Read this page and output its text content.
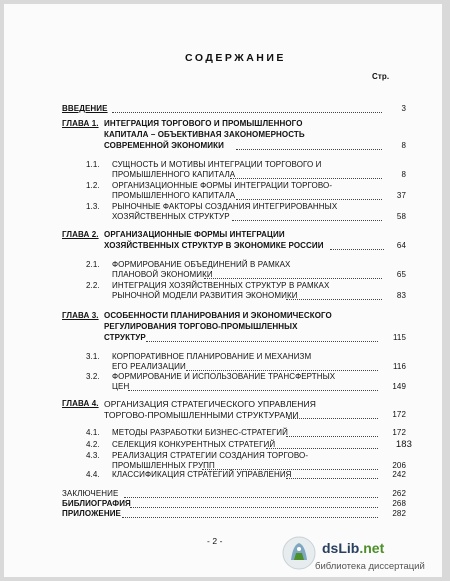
СОДЕРЖАНИЕ
Стр.
ВВЕДЕНИЕ	3
ГЛАВА 1. ИНТЕГРАЦИЯ ТОРГОВОГО И ПРОМЫШЛЕННОГО
КАПИТАЛА – ОБЪЕКТИВНАЯ ЗАКОНОМЕРНОСТЬ
СОВРЕМЕННОЙ ЭКОНОМИКИ	8
1.1. СУЩНОСТЬ И МОТИВЫ ИНТЕГРАЦИИ ТОРГОВОГО И
ПРОМЫШЛЕННОГО КАПИТАЛА	8
1.2. ОРГАНИЗАЦИОННЫЕ ФОРМЫ ИНТЕГРАЦИИ ТОРГОВО-
ПРОМЫШЛЕННОГО КАПИТАЛА	37
1.3. РЫНОЧНЫЕ ФАКТОРЫ СОЗДАНИЯ ИНТЕГРИРОВАННЫХ
ХОЗЯЙСТВЕННЫХ СТРУКТУР	58
ГЛАВА 2. ОРГАНИЗАЦИОННЫЕ ФОРМЫ ИНТЕГРАЦИИ
ХОЗЯЙСТВЕННЫХ СТРУКТУР В ЭКОНОМИКЕ РОССИИ	64
2.1. ФОРМИРОВАНИЕ ОБЪЕДИНЕНИЙ В РАМКАХ
ПЛАНОВОЙ ЭКОНОМИКИ	65
2.2. ИНТЕГРАЦИЯ ХОЗЯЙСТВЕННЫХ СТРУКТУР В РАМКАХ
РЫНОЧНОЙ МОДЕЛИ РАЗВИТИЯ ЭКОНОМИКИ	83
ГЛАВА 3. ОСОБЕННОСТИ ПЛАНИРОВАНИЯ И ЭКОНОМИЧЕСКОГО
РЕГУЛИРОВАНИЯ ТОРГОВО-ПРОМЫШЛЕННЫХ
СТРУКТУР	115
3.1. КОРПОРАТИВНОЕ ПЛАНИРОВАНИЕ И МЕХАНИЗМ
ЕГО РЕАЛИЗАЦИИ	116
3.2. ФОРМИРОВАНИЕ И ИСПОЛЬЗОВАНИЕ ТРАНСФЕРТНЫХ
ЦЕН	149
ГЛАВА 4. ОРГАНИЗАЦИЯ СТРАТЕГИЧЕСКОГО УПРАВЛЕНИЯ
ТОРГОВО-ПРОМЫШЛЕННЫМИ СТРУКТУРАМИ	172
4.1. МЕТОДЫ РАЗРАБОТКИ БИЗНЕС-СТРАТЕГИЙ	172
4.2. СЕЛЕКЦИЯ КОНКУРЕНТНЫХ СТРАТЕГИЙ	183
4.3. РЕАЛИЗАЦИЯ СТРАТЕГИИ СОЗДАНИЯ ТОРГОВО-
ПРОМЫШЛЕННЫХ ГРУПП	206
4.4. КЛАССИФИКАЦИЯ СТРАТЕГИЙ УПРАВЛЕНИЯ	242
ЗАКЛЮЧЕНИЕ	262
БИБЛИОГРАФИЯ	268
ПРИЛОЖЕНИЕ	282
- 2 -	dsLib.net
библиотека диссертаций
